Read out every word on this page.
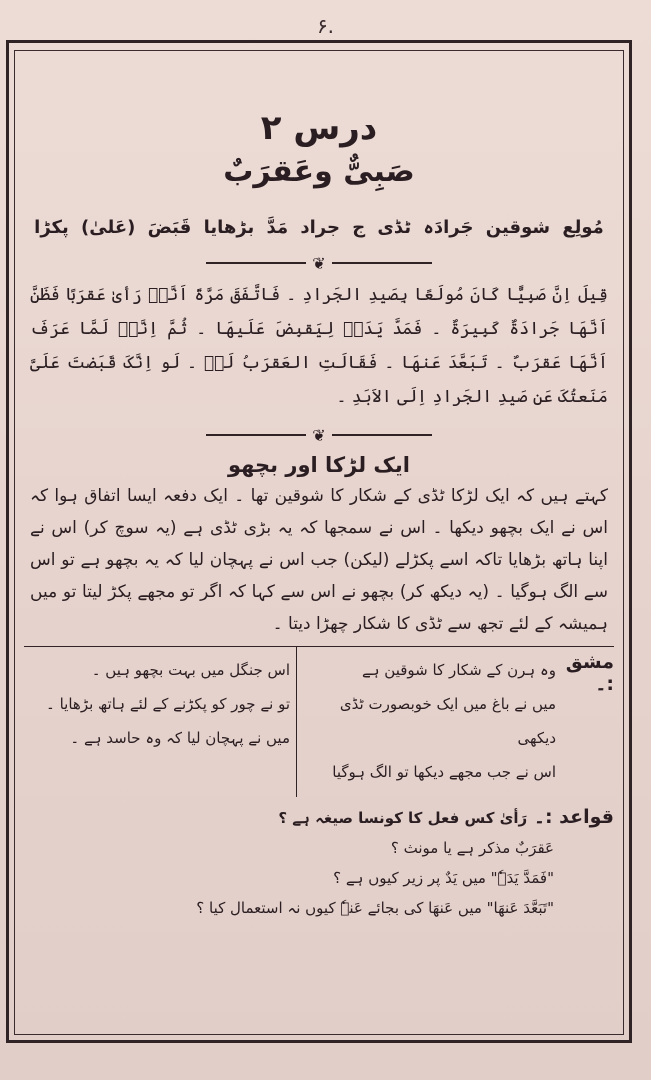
۶.
درس ۲
صَبِیٌّ وعَقرَبٌ
مُولِع شوقین جَرادَہ ٹڈی ج جراد مَدَّ بڑھایا قَبَضَ (عَلیٰ) پکڑا
❦
قِیلَ اِنَّ صَبِیًّا کَانَ مُولَعًا بِصَیدِ الجَرادِ ۔ فَاتَّفَقَ مَرَّۃً اَنَّہٗ رَأیٰ عَقرَبًا فَظَنَّ اَنَّھَا جَرادَۃٌ کَبِیرَۃٌ ۔ فَمَدَّ یَدَہٗ لِیَقبِضَ عَلَیھَا ۔ ثُمَّ اِنَّہٗ لَمَّا عَرَفَ اَنَّھَا عَقرَبٌ ۔ تَبَعَّدَ عَنھَا ۔ فَقَالَتِ العَقرَبُ لَہٗ ۔ لَو اِنَّکَ قَبَضتَ عَلَیَّ مَنَعتُکَ عَن صَیدِ الجَرادِ اِلَی الاَبَدِ ۔
❦
ایک لڑکا اور بچھو
کہتے ہیں کہ ایک لڑکا ٹڈی کے شکار کا شوقین تھا ۔ ایک دفعہ ایسا اتفاق ہوا کہ اس نے ایک بچھو دیکھا ۔ اس نے سمجھا کہ یہ بڑی ٹڈی ہے (یہ سوچ کر) اس نے اپنا ہاتھ بڑھایا تاکہ اسے پکڑلے (لیکن) جب اس نے پہچان لیا کہ یہ بچھو ہے تو اس سے الگ ہوگیا ۔ (یہ دیکھ کر) بچھو نے اس سے کہا کہ اگر تو مجھے پکڑ لیتا تو میں ہمیشہ کے لئے تجھ سے ٹڈی کا شکار چھڑا دیتا ۔
مشق :۔
وہ ہرن کے شکار کا شوقین ہے
میں نے باغ میں ایک خوبصورت ٹڈی دیکھی
اس نے جب مجھے دیکھا تو الگ ہوگیا
اس جنگل میں بہت بچھو ہیں ۔
تو نے چور کو پکڑنے کے لئے ہاتھ بڑھایا ۔
میں نے پہچان لیا کہ وہ حاسد ہے ۔
قواعد :۔ رَأیٰ کس فعل کا کونسا صیغہ ہے ؟
عَقرَبٌ مذکر ہے یا مونث ؟
"فَمَدَّ یَدَہٗ" میں یَدٌ پر زیر کیوں ہے ؟
"تَبَعَّدَ عَنھَا" میں عَنھَا کی بجائے عَنہٗ کیوں نہ استعمال کیا ؟
